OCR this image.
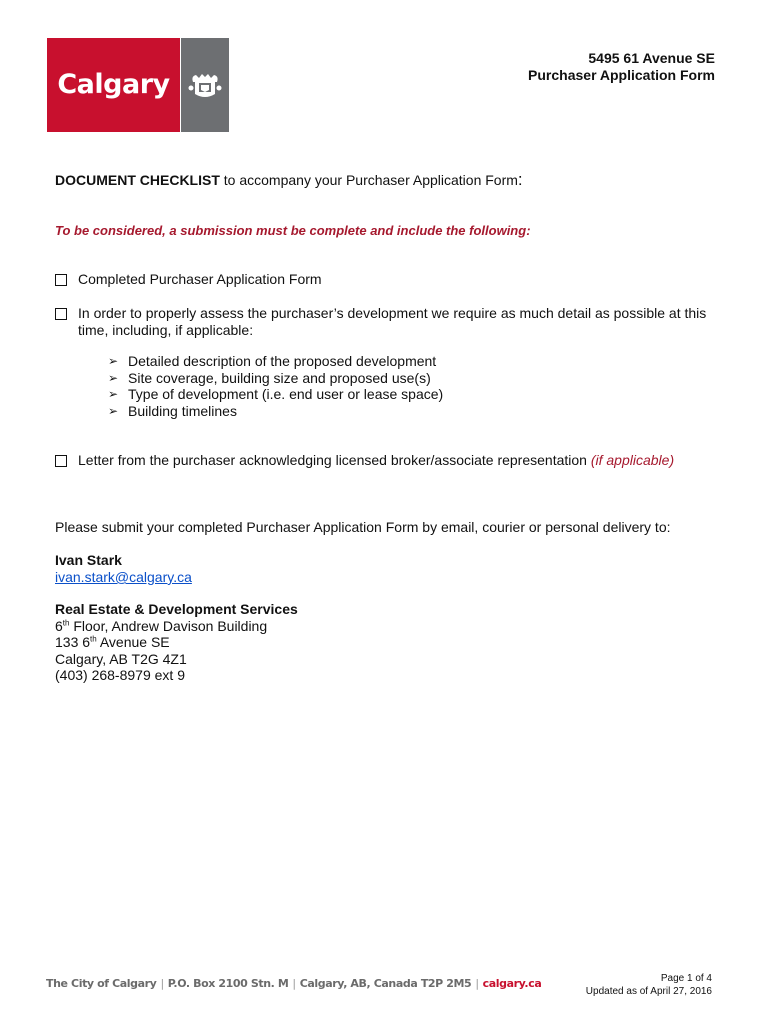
Calgary
5495 61 Avenue SE
Purchaser Application Form
DOCUMENT CHECKLIST to accompany your Purchaser Application Form:
To be considered, a submission must be complete and include the following:
Completed Purchaser Application Form
In order to properly assess the purchaser’s development we require as much detail as possible at this time, including, if applicable:
➢ Detailed description of the proposed development
➢ Site coverage, building size and proposed use(s)
➢ Type of development (i.e. end user or lease space)
➢ Building timelines
Letter from the purchaser acknowledging licensed broker/associate representation (if applicable)
Please submit your completed Purchaser Application Form by email, courier or personal delivery to:
Ivan Stark
ivan.stark@calgary.ca
Real Estate & Development Services
6th Floor, Andrew Davison Building
133 6th Avenue SE
Calgary, AB T2G 4Z1
(403) 268-8979 ext 9
The City of Calgary | P.O. Box 2100 Stn. M | Calgary, AB, Canada T2P 2M5 | calgary.ca	Page 1 of 4
Updated as of April 27, 2016
